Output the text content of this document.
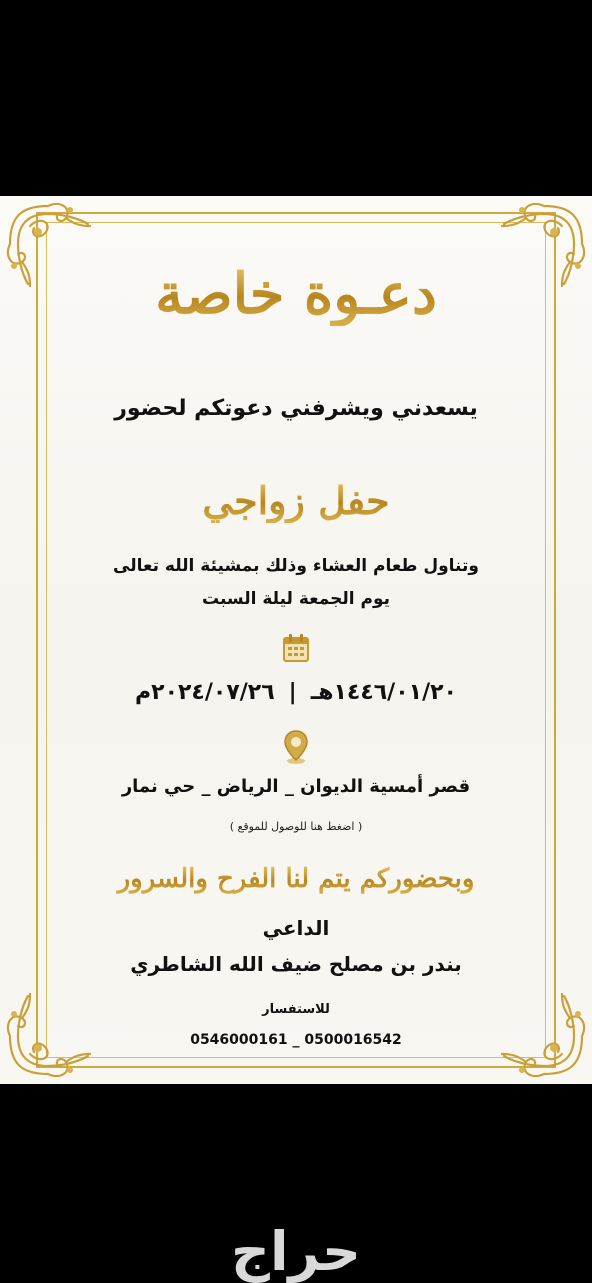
دعـوة خاصة
يسعدني ويشرفني دعوتكم لحضور
حفل زواجي
وتناول طعام العشاء وذلك بمشيئة الله تعالى
يوم الجمعة ليلة السبت
١٤٤٦/٠١/٢٠هـ|٢٠٢٤/٠٧/٢٦م
قصر أمسية الديوان _ الرياض _ حي نمار
( اضغط هنا للوصول للموقع )
وبحضوركم يتم لنا الفرح والسرور
الداعي
بندر بن مصلح ضيف الله الشاطري
للاستفسار
0546000161 _ 0500016542
حراج
